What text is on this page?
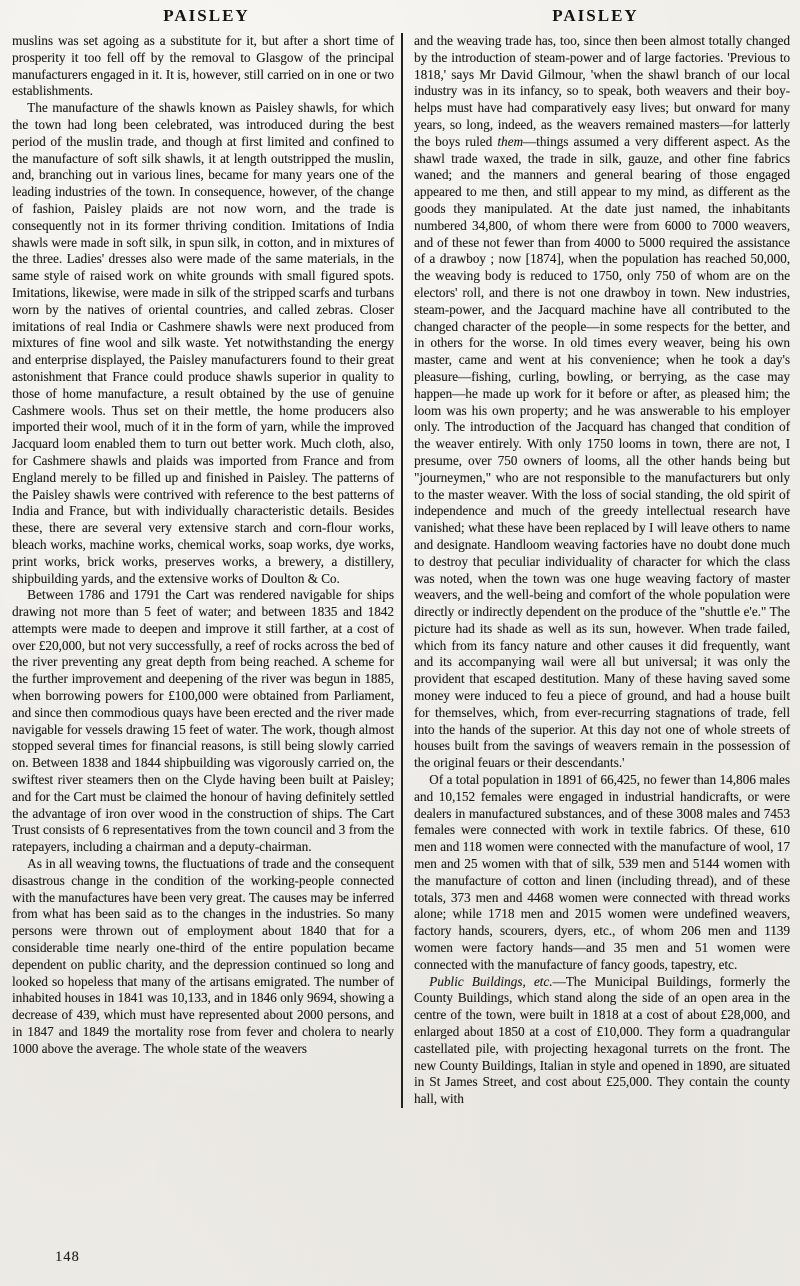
PAISLEY	PAISLEY

muslins was set agoing as a substitute for it, but after a short time of prosperity it too fell off by the removal to Glasgow of the principal manufacturers engaged in it. It is, however, still carried on in one or two establishments.

The manufacture of the shawls known as Paisley shawls, for which the town had long been celebrated, was introduced during the best period of the muslin trade, and though at first limited and confined to the manufacture of soft silk shawls, it at length outstripped the muslin, and, branching out in various lines, became for many years one of the leading industries of the town. In consequence, however, of the change of fashion, Paisley plaids are not now worn, and the trade is consequently not in its former thriving condition. Imitations of India shawls were made in soft silk, in spun silk, in cotton, and in mixtures of the three. Ladies' dresses also were made of the same materials, in the same style of raised work on white grounds with small figured spots. Imitations, likewise, were made in silk of the stripped scarfs and turbans worn by the natives of oriental countries, and called zebras. Closer imitations of real India or Cashmere shawls were next produced from mixtures of fine wool and silk waste. Yet notwithstanding the energy and enterprise displayed, the Paisley manufacturers found to their great astonishment that France could produce shawls superior in quality to those of home manufacture, a result obtained by the use of genuine Cashmere wools. Thus set on their mettle, the home producers also imported their wool, much of it in the form of yarn, while the improved Jacquard loom enabled them to turn out better work. Much cloth, also, for Cashmere shawls and plaids was imported from France and from England merely to be filled up and finished in Paisley. The patterns of the Paisley shawls were contrived with reference to the best patterns of India and France, but with individually characteristic details. Besides these, there are several very extensive starch and corn-flour works, bleach works, machine works, chemical works, soap works, dye works, print works, brick works, preserves works, a brewery, a distillery, shipbuilding yards, and the extensive works of Doulton & Co.

Between 1786 and 1791 the Cart was rendered navigable for ships drawing not more than 5 feet of water; and between 1835 and 1842 attempts were made to deepen and improve it still farther, at a cost of over £20,000, but not very successfully, a reef of rocks across the bed of the river preventing any great depth from being reached. A scheme for the further improvement and deepening of the river was begun in 1885, when borrowing powers for £100,000 were obtained from Parliament, and since then commodious quays have been erected and the river made navigable for vessels drawing 15 feet of water. The work, though almost stopped several times for financial reasons, is still being slowly carried on. Between 1838 and 1844 shipbuilding was vigorously carried on, the swiftest river steamers then on the Clyde having been built at Paisley; and for the Cart must be claimed the honour of having definitely settled the advantage of iron over wood in the construction of ships. The Cart Trust consists of 6 representatives from the town council and 3 from the ratepayers, including a chairman and a deputy-chairman.

As in all weaving towns, the fluctuations of trade and the consequent disastrous change in the condition of the working-people connected with the manufactures have been very great. The causes may be inferred from what has been said as to the changes in the industries. So many persons were thrown out of employment about 1840 that for a considerable time nearly one-third of the entire population became dependent on public charity, and the depression continued so long and looked so hopeless that many of the artisans emigrated. The number of inhabited houses in 1841 was 10,133, and in 1846 only 9694, showing a decrease of 439, which must have represented about 2000 persons, and in 1847 and 1849 the mortality rose from fever and cholera to nearly 1000 above the average. The whole state of the weavers

and the weaving trade has, too, since then been almost totally changed by the introduction of steam-power and of large factories. 'Previous to 1818,' says Mr David Gilmour, 'when the shawl branch of our local industry was in its infancy, so to speak, both weavers and their boy-helps must have had comparatively easy lives; but onward for many years, so long, indeed, as the weavers remained masters—for latterly the boys ruled them—things assumed a very different aspect. As the shawl trade waxed, the trade in silk, gauze, and other fine fabrics waned; and the manners and general bearing of those engaged appeared to me then, and still appear to my mind, as different as the goods they manipulated. At the date just named, the inhabitants numbered 34,800, of whom there were from 6000 to 7000 weavers, and of these not fewer than from 4000 to 5000 required the assistance of a drawboy ; now [1874], when the population has reached 50,000, the weaving body is reduced to 1750, only 750 of whom are on the electors' roll, and there is not one drawboy in town. New industries, steam-power, and the Jacquard machine have all contributed to the changed character of the people—in some respects for the better, and in others for the worse. In old times every weaver, being his own master, came and went at his convenience; when he took a day's pleasure—fishing, curling, bowling, or berrying, as the case may happen—he made up work for it before or after, as pleased him; the loom was his own property; and he was answerable to his employer only. The introduction of the Jacquard has changed that condition of the weaver entirely. With only 1750 looms in town, there are not, I presume, over 750 owners of looms, all the other hands being but "journeymen," who are not responsible to the manufacturers but only to the master weaver. With the loss of social standing, the old spirit of independence and much of the greedy intellectual research have vanished; what these have been replaced by I will leave others to name and designate. Handloom weaving factories have no doubt done much to destroy that peculiar individuality of character for which the class was noted, when the town was one huge weaving factory of master weavers, and the well-being and comfort of the whole population were directly or indirectly dependent on the produce of the "shuttle e'e." The picture had its shade as well as its sun, however. When trade failed, which from its fancy nature and other causes it did frequently, want and its accompanying wail were all but universal; it was only the provident that escaped destitution. Many of these having saved some money were induced to feu a piece of ground, and had a house built for themselves, which, from ever-recurring stagnations of trade, fell into the hands of the superior. At this day not one of whole streets of houses built from the savings of weavers remain in the possession of the original feuars or their descendants.'

Of a total population in 1891 of 66,425, no fewer than 14,806 males and 10,152 females were engaged in industrial handicrafts, or were dealers in manufactured substances, and of these 3008 males and 7453 females were connected with work in textile fabrics. Of these, 610 men and 118 women were connected with the manufacture of wool, 17 men and 25 women with that of silk, 539 men and 5144 women with the manufacture of cotton and linen (including thread), and of these totals, 373 men and 4468 women were connected with thread works alone; while 1718 men and 2015 women were undefined weavers, factory hands, scourers, dyers, etc., of whom 206 men and 1139 women were factory hands—and 35 men and 51 women were connected with the manufacture of fancy goods, tapestry, etc.

Public Buildings, etc.—The Municipal Buildings, formerly the County Buildings, which stand along the side of an open area in the centre of the town, were built in 1818 at a cost of about £28,000, and enlarged about 1850 at a cost of £10,000. They form a quadrangular castellated pile, with projecting hexagonal turrets on the front. The new County Buildings, Italian in style and opened in 1890, are situated in St James Street, and cost about £25,000. They contain the county hall, with

148
